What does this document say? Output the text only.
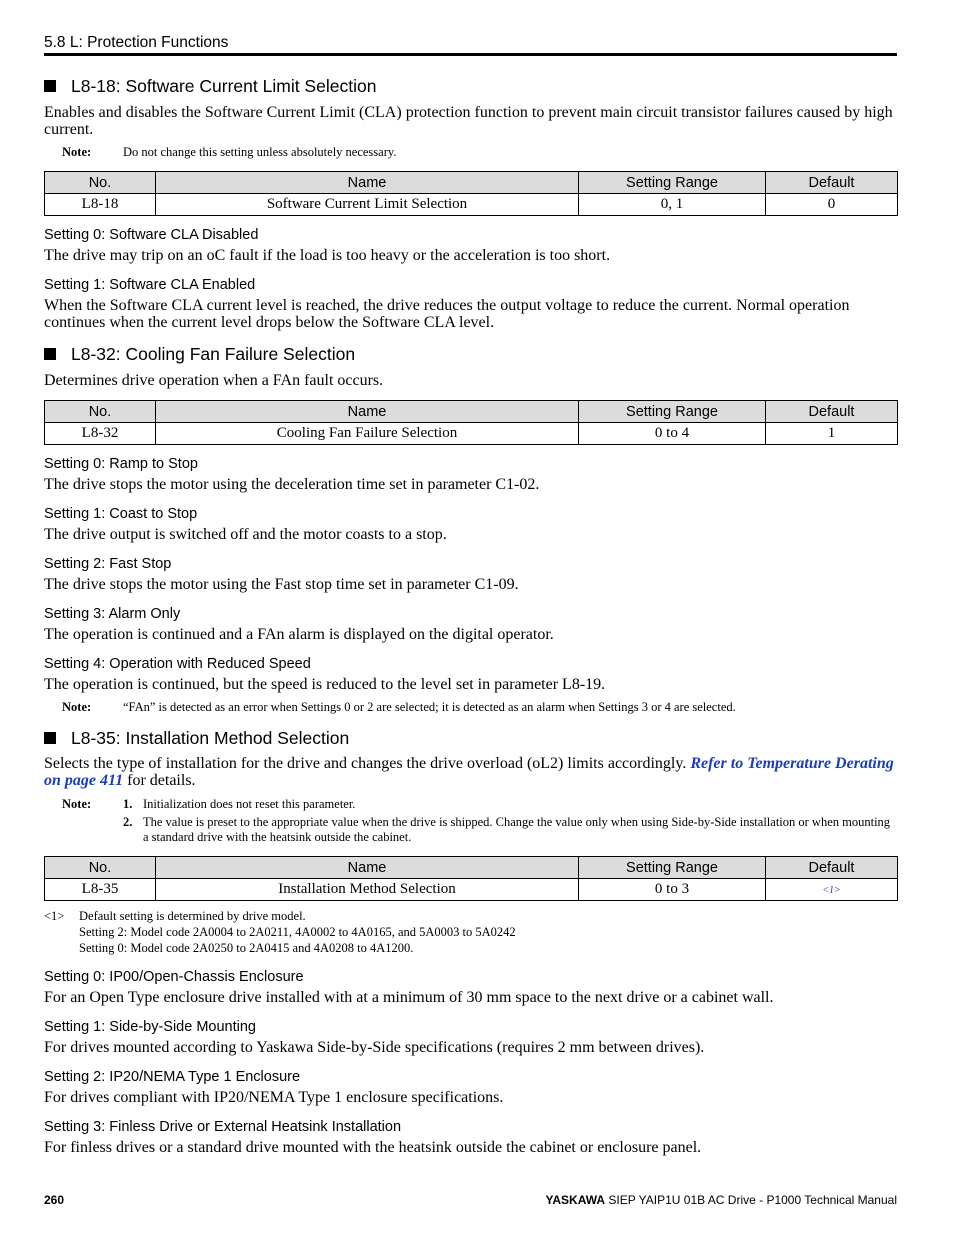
5.8 L: Protection Functions
L8-18: Software Current Limit Selection

Enables and disables the Software Current Limit (CLA) protection function to prevent main circuit transistor failures caused by high current.

Note:	Do not change this setting unless absolutely necessary.
No.	Name	Setting Range	Default
L8-18	Software Current Limit Selection	0, 1	0
Setting 0: Software CLA Disabled

The drive may trip on an oC fault if the load is too heavy or the acceleration is too short.

Setting 1: Software CLA Enabled

When the Software CLA current level is reached, the drive reduces the output voltage to reduce the current. Normal operation continues when the current level drops below the Software CLA level.

L8-32: Cooling Fan Failure Selection

Determines drive operation when a FAn fault occurs.

No.	Name	Setting Range	Default
L8-32	Cooling Fan Failure Selection	0 to 4	1
Setting 0: Ramp to Stop

The drive stops the motor using the deceleration time set in parameter C1-02.

Setting 1: Coast to Stop

The drive output is switched off and the motor coasts to a stop.

Setting 2: Fast Stop

The drive stops the motor using the Fast stop time set in parameter C1-09.

Setting 3: Alarm Only

The operation is continued and a FAn alarm is displayed on the digital operator.

Setting 4: Operation with Reduced Speed

The operation is continued, but the speed is reduced to the level set in parameter L8-19.

Note:	“FAn” is detected as an error when Settings 0 or 2 are selected; it is detected as an alarm when Settings 3 or 4 are selected.
L8-35: Installation Method Selection

Selects the type of installation for the drive and changes the drive overload (oL2) limits accordingly. Refer to Temperature Derating on page 411 for details.

Note:	1. Initialization does not reset this parameter.
2. The value is preset to the appropriate value when the drive is shipped. Change the value only when using Side-by-Side installation or when mounting a standard drive with the heatsink outside the cabinet.
No.	Name	Setting Range	Default
L8-35	Installation Method Selection	0 to 3	<1>
<1>	Default setting is determined by drive model.
Setting 2: Model code 2A0004 to 2A0211, 4A0002 to 4A0165, and 5A0003 to 5A0242
Setting 0: Model code 2A0250 to 2A0415 and 4A0208 to 4A1200.
Setting 0: IP00/Open-Chassis Enclosure

For an Open Type enclosure drive installed with at a minimum of 30 mm space to the next drive or a cabinet wall.

Setting 1: Side-by-Side Mounting

For drives mounted according to Yaskawa Side-by-Side specifications (requires 2 mm between drives).

Setting 2: IP20/NEMA Type 1 Enclosure

For drives compliant with IP20/NEMA Type 1 enclosure specifications.

Setting 3: Finless Drive or External Heatsink Installation

For finless drives or a standard drive mounted with the heatsink outside the cabinet or enclosure panel.

260	YASKAWA SIEP YAIP1U 01B AC Drive - P1000 Technical Manual
